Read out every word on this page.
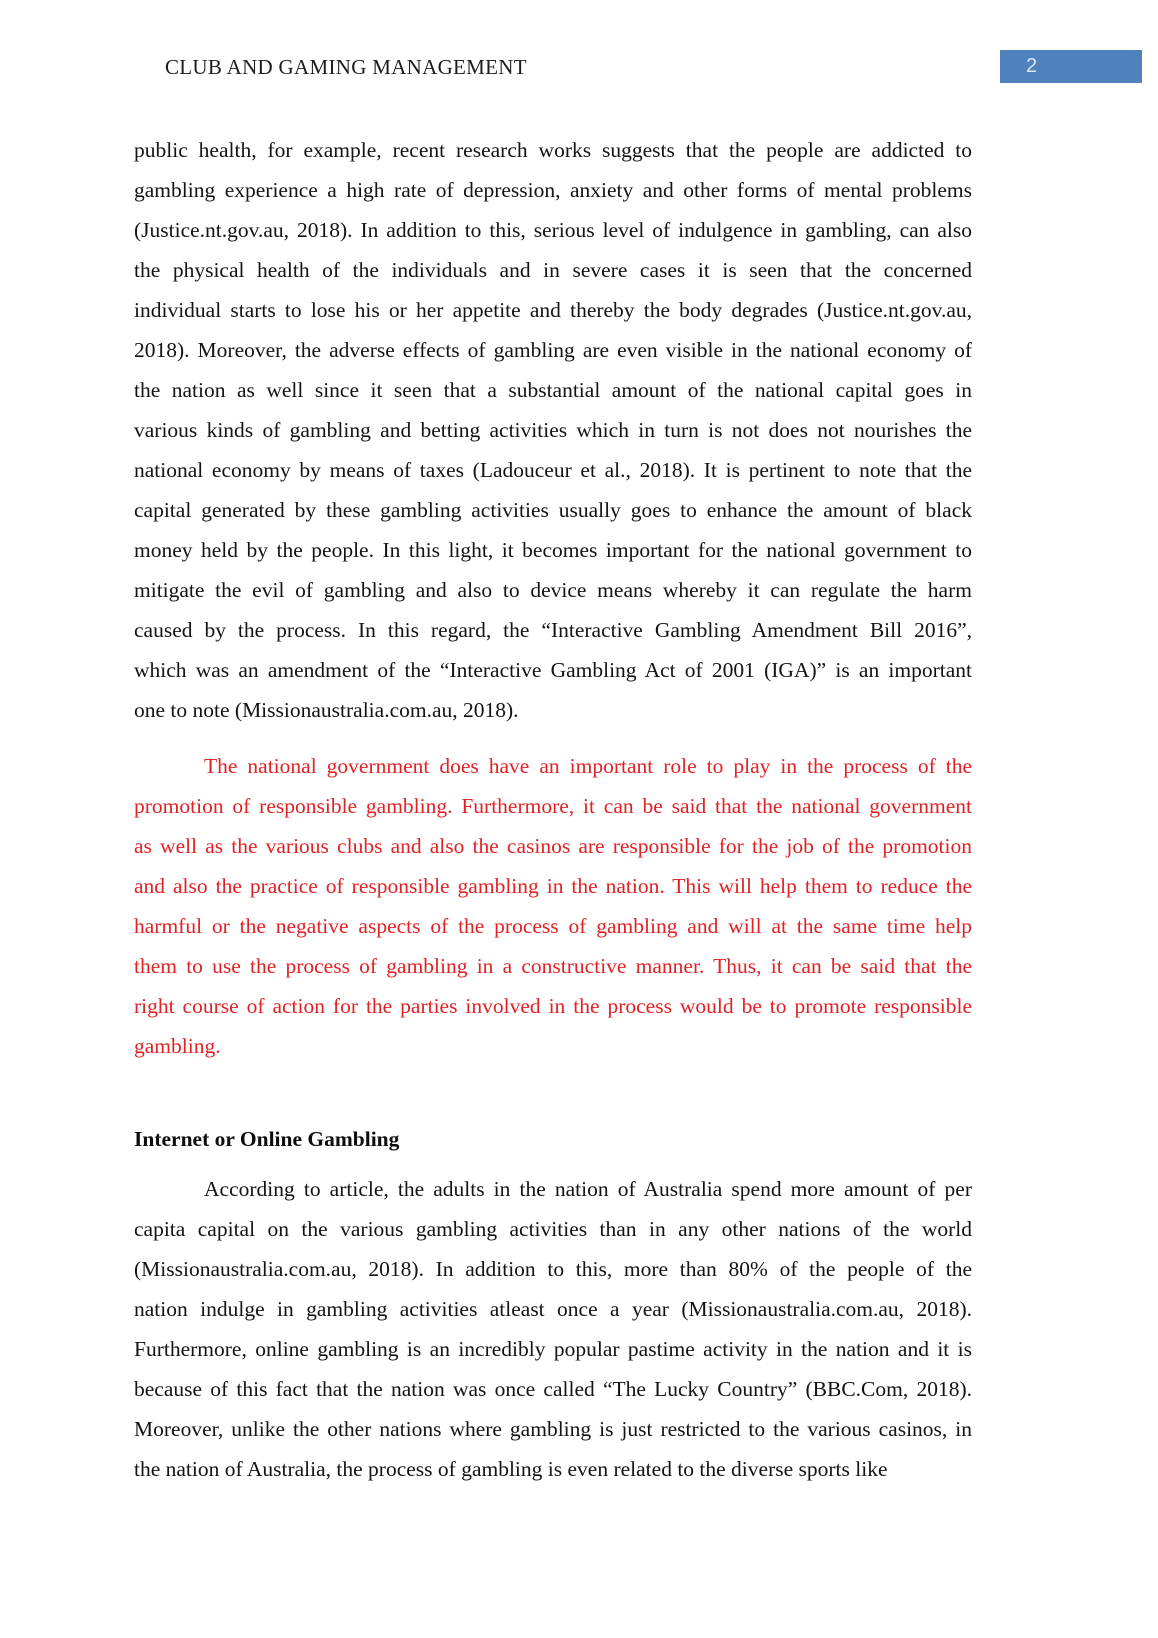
CLUB AND GAMING MANAGEMENT	2
public health, for example, recent research works suggests that the people are addicted to
gambling experience a high rate of depression, anxiety and other forms of mental problems
(Justice.nt.gov.au, 2018). In addition to this, serious level of indulgence in gambling, can also
the physical health of the individuals and in severe cases it is seen that the concerned
individual starts to lose his or her appetite and thereby the body degrades (Justice.nt.gov.au,
2018). Moreover, the adverse effects of gambling are even visible in the national economy of
the nation as well since it seen that a substantial amount of the national capital goes in
various kinds of gambling and betting activities which in turn is not does not nourishes the
national economy by means of taxes (Ladouceur et al., 2018). It is pertinent to note that the
capital generated by these gambling activities usually goes to enhance the amount of black
money held by the people. In this light, it becomes important for the national government to
mitigate the evil of gambling and also to device means whereby it can regulate the harm
caused by the process. In this regard, the “Interactive Gambling Amendment Bill 2016”,
which was an amendment of the “Interactive Gambling Act of 2001 (IGA)” is an important
one to note (Missionaustralia.com.au, 2018).
The national government does have an important role to play in the process of the
promotion of responsible gambling. Furthermore, it can be said that the national government
as well as the various clubs and also the casinos are responsible for the job of the promotion
and also the practice of responsible gambling in the nation. This will help them to reduce the
harmful or the negative aspects of the process of gambling and will at the same time help
them to use the process of gambling in a constructive manner. Thus, it can be said that the
right course of action for the parties involved in the process would be to promote responsible
gambling.
Internet or Online Gambling
According to article, the adults in the nation of Australia spend more amount of per
capita capital on the various gambling activities than in any other nations of the world
(Missionaustralia.com.au, 2018). In addition to this, more than 80% of the people of the
nation indulge in gambling activities atleast once a year (Missionaustralia.com.au, 2018).
Furthermore, online gambling is an incredibly popular pastime activity in the nation and it is
because of this fact that the nation was once called “The Lucky Country” (BBC.Com, 2018).
Moreover, unlike the other nations where gambling is just restricted to the various casinos, in
the nation of Australia, the process of gambling is even related to the diverse sports like
